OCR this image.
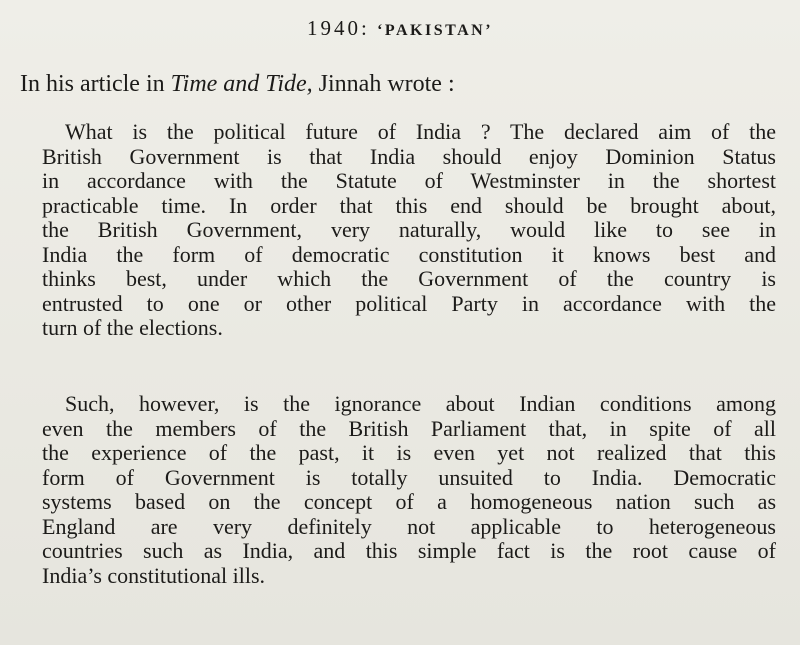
1940: ‘PAKISTAN’
In his article in Time and Tide, Jinnah wrote :
What is the political future of India ? The declared aim of the
British Government is that India should enjoy Dominion Status
in accordance with the Statute of Westminster in the shortest
practicable time. In order that this end should be brought about,
the British Government, very naturally, would like to see in
India the form of democratic constitution it knows best and
thinks best, under which the Government of the country is
entrusted to one or other political Party in accordance with the
turn of the elections.
Such, however, is the ignorance about Indian conditions among
even the members of the British Parliament that, in spite of all
the experience of the past, it is even yet not realized that this
form of Government is totally unsuited to India. Democratic
systems based on the concept of a homogeneous nation such as
England are very definitely not applicable to heterogeneous
countries such as India, and this simple fact is the root cause of
India’s constitutional ills.
